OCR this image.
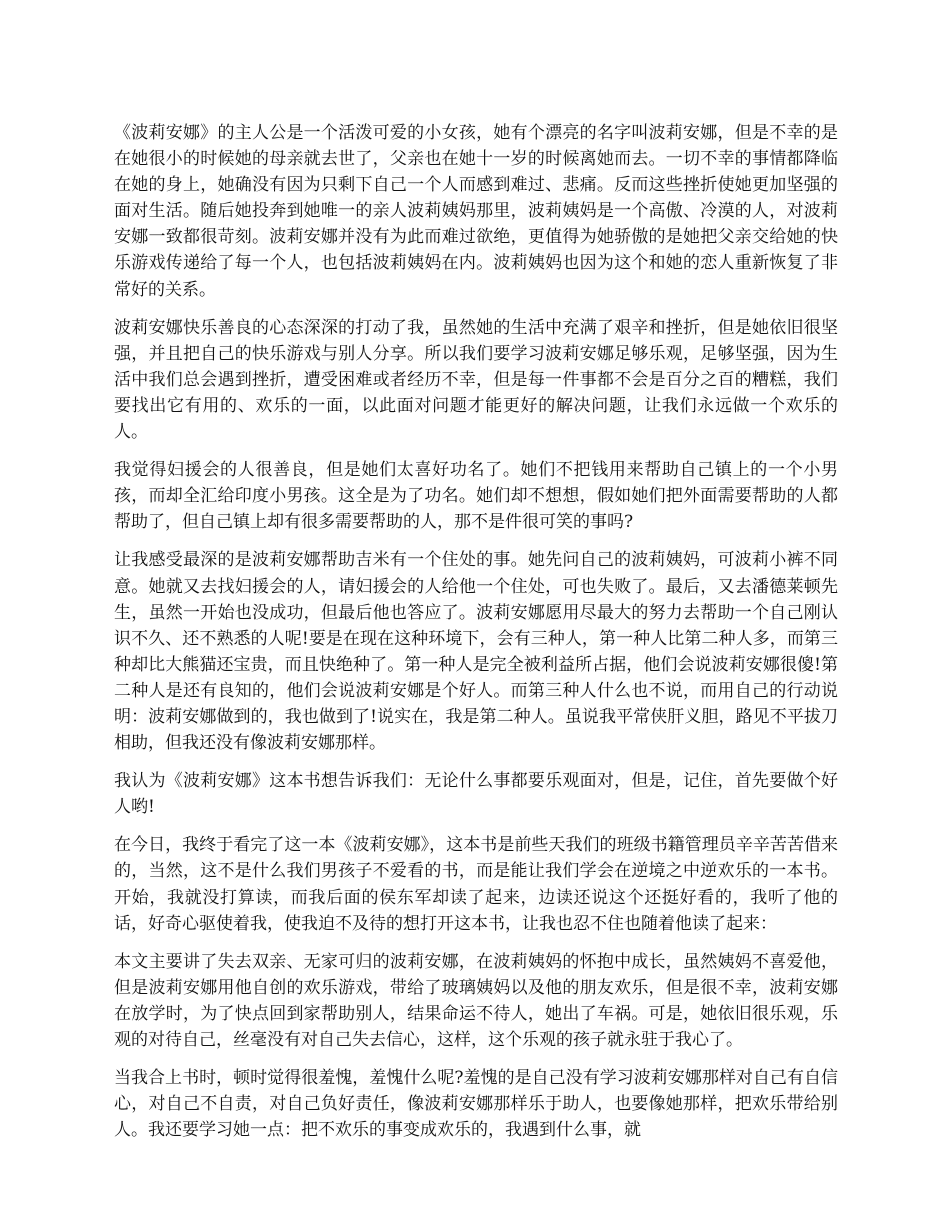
《波莉安娜》的主人公是一个活泼可爱的小女孩，她有个漂亮的名字叫波莉安娜，但是不幸的是在她很小的时候她的母亲就去世了，父亲也在她十一岁的时候离她而去。一切不幸的事情都降临在她的身上，她确没有因为只剩下自己一个人而感到难过、悲痛。反而这些挫折使她更加坚强的面对生活。随后她投奔到她唯一的亲人波莉姨妈那里，波莉姨妈是一个高傲、冷漠的人，对波莉安娜一致都很苛刻。波莉安娜并没有为此而难过欲绝，更值得为她骄傲的是她把父亲交给她的快乐游戏传递给了每一个人，也包括波莉姨妈在内。波莉姨妈也因为这个和她的恋人重新恢复了非常好的关系。

波莉安娜快乐善良的心态深深的打动了我，虽然她的生活中充满了艰辛和挫折，但是她依旧很坚强，并且把自己的快乐游戏与别人分享。所以我们要学习波莉安娜足够乐观，足够坚强，因为生活中我们总会遇到挫折，遭受困难或者经历不幸，但是每一件事都不会是百分之百的糟糕，我们要找出它有用的、欢乐的一面，以此面对问题才能更好的解决问题，让我们永远做一个欢乐的人。

我觉得妇援会的人很善良，但是她们太喜好功名了。她们不把钱用来帮助自己镇上的一个小男孩，而却全汇给印度小男孩。这全是为了功名。她们却不想想，假如她们把外面需要帮助的人都帮助了，但自己镇上却有很多需要帮助的人，那不是件很可笑的事吗?

让我感受最深的是波莉安娜帮助吉米有一个住处的事。她先问自己的波莉姨妈，可波莉小裤不同意。她就又去找妇援会的人，请妇援会的人给他一个住处，可也失败了。最后，又去潘德莱顿先生，虽然一开始也没成功，但最后他也答应了。波莉安娜愿用尽最大的努力去帮助一个自己刚认识不久、还不熟悉的人呢!要是在现在这种环境下，会有三种人，第一种人比第二种人多，而第三种却比大熊猫还宝贵，而且快绝种了。第一种人是完全被利益所占据，他们会说波莉安娜很傻!第二种人是还有良知的，他们会说波莉安娜是个好人。而第三种人什么也不说，而用自己的行动说明：波莉安娜做到的，我也做到了!说实在，我是第二种人。虽说我平常侠肝义胆，路见不平拔刀相助，但我还没有像波莉安娜那样。

我认为《波莉安娜》这本书想告诉我们：无论什么事都要乐观面对，但是，记住，首先要做个好人哟!

在今日，我终于看完了这一本《波莉安娜》，这本书是前些天我们的班级书籍管理员辛辛苦苦借来的，当然，这不是什么我们男孩子不爱看的书，而是能让我们学会在逆境之中逆欢乐的一本书。开始，我就没打算读，而我后面的侯东军却读了起来，边读还说这个还挺好看的，我听了他的话，好奇心驱使着我，使我迫不及待的想打开这本书，让我也忍不住也随着他读了起来：

本文主要讲了失去双亲、无家可归的波莉安娜，在波莉姨妈的怀抱中成长，虽然姨妈不喜爱他，但是波莉安娜用他自创的欢乐游戏，带给了玻璃姨妈以及他的朋友欢乐，但是很不幸，波莉安娜在放学时，为了快点回到家帮助别人，结果命运不待人，她出了车祸。可是，她依旧很乐观，乐观的对待自己，丝毫没有对自己失去信心，这样，这个乐观的孩子就永驻于我心了。

当我合上书时，顿时觉得很羞愧，羞愧什么呢?羞愧的是自己没有学习波莉安娜那样对自己有自信心，对自己不自责，对自己负好责任，像波莉安娜那样乐于助人，也要像她那样，把欢乐带给别人。我还要学习她一点：把不欢乐的事变成欢乐的，我遇到什么事，就
